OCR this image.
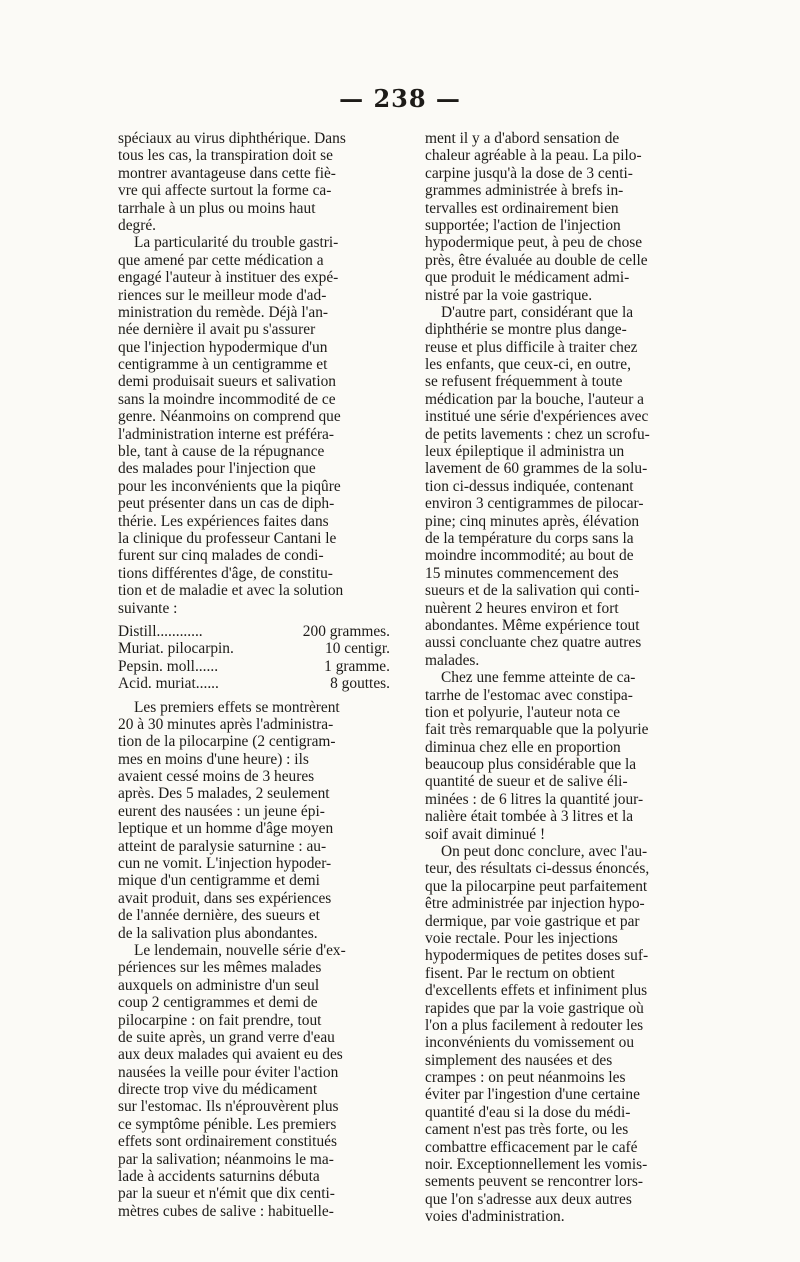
— 238 —
spéciaux au virus diphthérique. Dans
tous les cas, la transpiration doit se
montrer avantageuse dans cette fiè-
vre qui affecte surtout la forme ca-
tarrhale à un plus ou moins haut
degré.
La particularité du trouble gastri-
que amené par cette médication a
engagé l'auteur à instituer des expé-
riences sur le meilleur mode d'ad-
ministration du remède. Déjà l'an-
née dernière il avait pu s'assurer
que l'injection hypodermique d'un
centigramme à un centigramme et
demi produisait sueurs et salivation
sans la moindre incommodité de ce
genre. Néanmoins on comprend que
l'administration interne est préféra-
ble, tant à cause de la répugnance
des malades pour l'injection que
pour les inconvénients que la piqûre
peut présenter dans un cas de diph-
thérie. Les expériences faites dans
la clinique du professeur Cantani le
furent sur cinq malades de condi-
tions différentes d'âge, de constitu-
tion et de maladie et avec la solution
suivante :
Distill............	200 grammes.
Muriat. pilocarpin.	10 centigr.
Pepsin. moll......	1 gramme.
Acid. muriat......	8 gouttes.
Les premiers effets se montrèrent
20 à 30 minutes après l'administra-
tion de la pilocarpine (2 centigram-
mes en moins d'une heure) : ils
avaient cessé moins de 3 heures
après. Des 5 malades, 2 seulement
eurent des nausées : un jeune épi-
leptique et un homme d'âge moyen
atteint de paralysie saturnine : au-
cun ne vomit. L'injection hypoder-
mique d'un centigramme et demi
avait produit, dans ses expériences
de l'année dernière, des sueurs et
de la salivation plus abondantes.
Le lendemain, nouvelle série d'ex-
périences sur les mêmes malades
auxquels on administre d'un seul
coup 2 centigrammes et demi de
pilocarpine : on fait prendre, tout
de suite après, un grand verre d'eau
aux deux malades qui avaient eu des
nausées la veille pour éviter l'action
directe trop vive du médicament
sur l'estomac. Ils n'éprouvèrent plus
ce symptôme pénible. Les premiers
effets sont ordinairement constitués
par la salivation; néanmoins le ma-
lade à accidents saturnins débuta
par la sueur et n'émit que dix centi-
mètres cubes de salive : habituelle-
ment il y a d'abord sensation de
chaleur agréable à la peau. La pilo-
carpine jusqu'à la dose de 3 centi-
grammes administrée à brefs in-
tervalles est ordinairement bien
supportée; l'action de l'injection
hypodermique peut, à peu de chose
près, être évaluée au double de celle
que produit le médicament admi-
nistré par la voie gastrique.
D'autre part, considérant que la
diphthérie se montre plus dange-
reuse et plus difficile à traiter chez
les enfants, que ceux-ci, en outre,
se refusent fréquemment à toute
médication par la bouche, l'auteur a
institué une série d'expériences avec
de petits lavements : chez un scrofu-
leux épileptique il administra un
lavement de 60 grammes de la solu-
tion ci-dessus indiquée, contenant
environ 3 centigrammes de pilocar-
pine; cinq minutes après, élévation
de la température du corps sans la
moindre incommodité; au bout de
15 minutes commencement des
sueurs et de la salivation qui conti-
nuèrent 2 heures environ et fort
abondantes. Même expérience tout
aussi concluante chez quatre autres
malades.
Chez une femme atteinte de ca-
tarrhe de l'estomac avec constipa-
tion et polyurie, l'auteur nota ce
fait très remarquable que la polyurie
diminua chez elle en proportion
beaucoup plus considérable que la
quantité de sueur et de salive éli-
minées : de 6 litres la quantité jour-
nalière était tombée à 3 litres et la
soif avait diminué !
On peut donc conclure, avec l'au-
teur, des résultats ci-dessus énoncés,
que la pilocarpine peut parfaitement
être administrée par injection hypo-
dermique, par voie gastrique et par
voie rectale. Pour les injections
hypodermiques de petites doses suf-
fisent. Par le rectum on obtient
d'excellents effets et infiniment plus
rapides que par la voie gastrique où
l'on a plus facilement à redouter les
inconvénients du vomissement ou
simplement des nausées et des
crampes : on peut néanmoins les
éviter par l'ingestion d'une certaine
quantité d'eau si la dose du médi-
cament n'est pas très forte, ou les
combattre efficacement par le café
noir. Exceptionnellement les vomis-
sements peuvent se rencontrer lors-
que l'on s'adresse aux deux autres
voies d'administration.
